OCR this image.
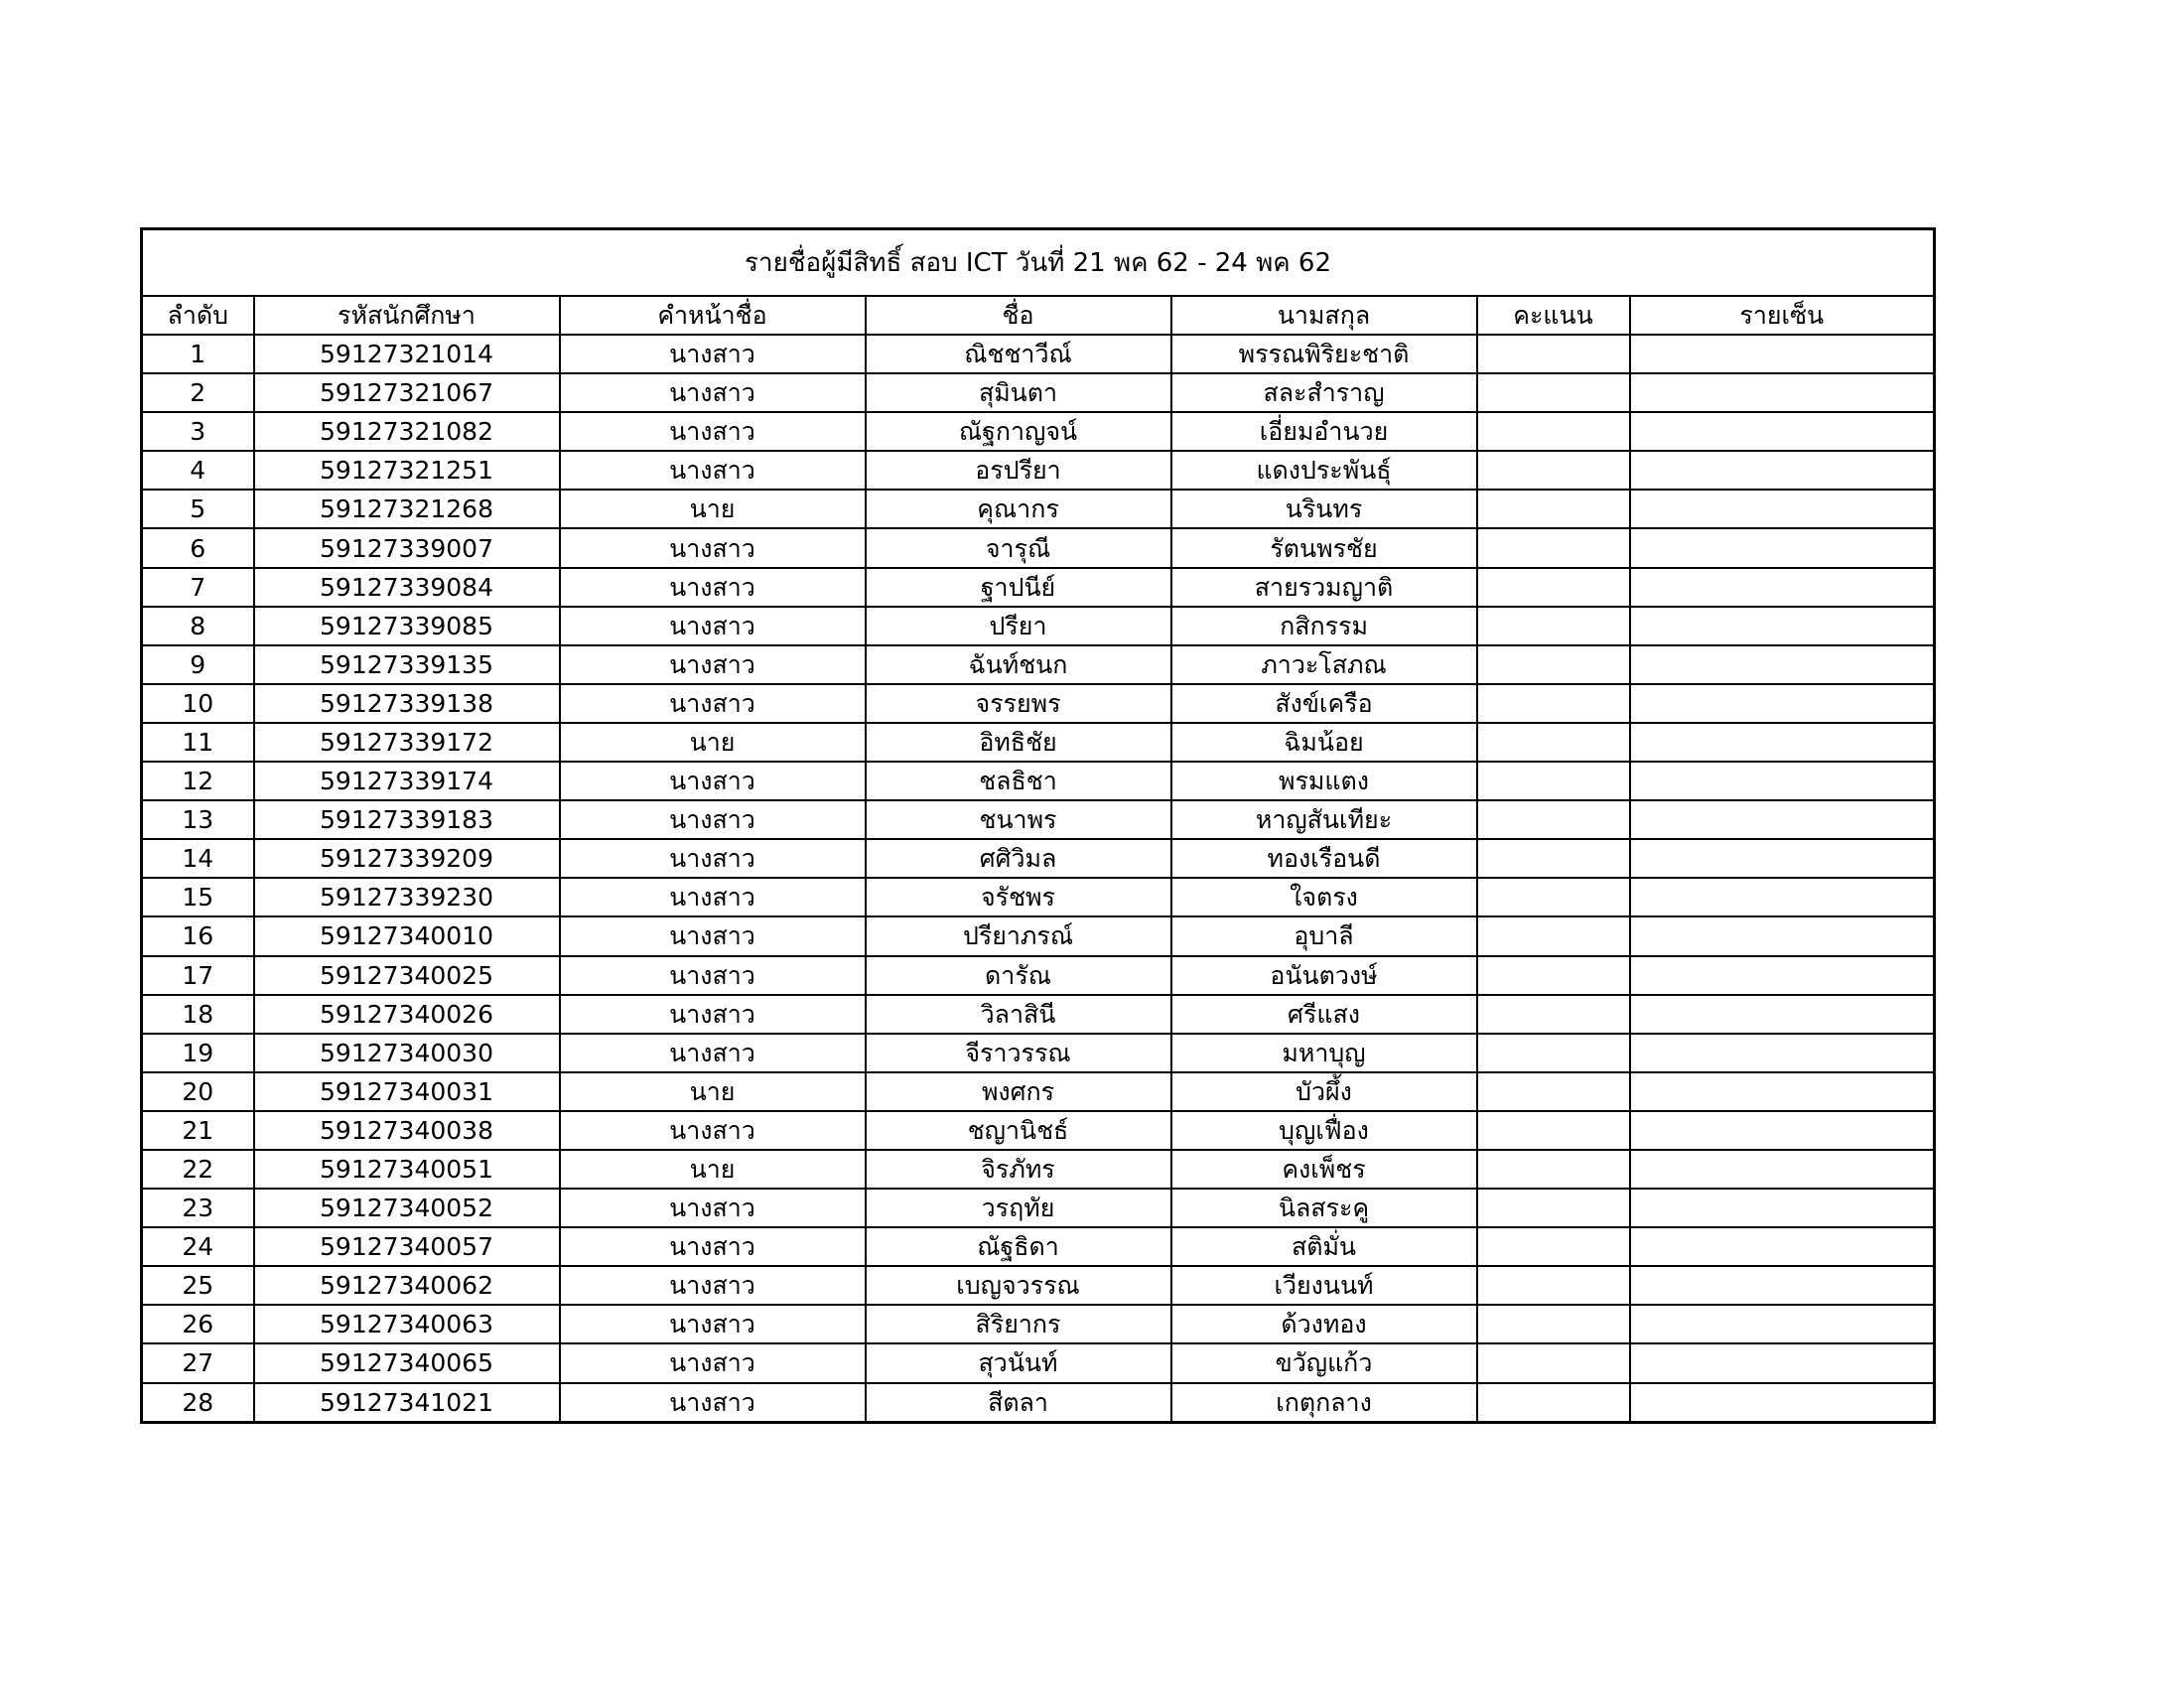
รายชื่อผู้มีสิทธิ์ สอบ ICT วันที่ 21 พค 62 - 24 พค 62						
ลำดับ	รหัสนักศึกษา	คำหน้าชื่อ	ชื่อ	นามสกุล	คะแนน	รายเซ็น
1	59127321014	นางสาว	ณิชชาวีณ์	พรรณพิริยะชาติ		
2	59127321067	นางสาว	สุมินตา	สละสำราญ		
3	59127321082	นางสาว	ณัฐกาญจน์	เอี่ยมอำนวย		
4	59127321251	นางสาว	อรปรียา	แดงประพันธุ์		
5	59127321268	นาย	คุณากร	นรินทร		
6	59127339007	นางสาว	จารุณี	รัตนพรชัย		
7	59127339084	นางสาว	ฐาปนีย์	สายรวมญาติ		
8	59127339085	นางสาว	ปรียา	กสิกรรม		
9	59127339135	นางสาว	ฉันท์ชนก	ภาวะโสภณ		
10	59127339138	นางสาว	จรรยพร	สังข์เครือ		
11	59127339172	นาย	อิทธิชัย	ฉิมน้อย		
12	59127339174	นางสาว	ชลธิชา	พรมแตง		
13	59127339183	นางสาว	ชนาพร	หาญสันเทียะ		
14	59127339209	นางสาว	ศศิวิมล	ทองเรือนดี		
15	59127339230	นางสาว	จรัชพร	ใจตรง		
16	59127340010	นางสาว	ปรียาภรณ์	อุบาลี		
17	59127340025	นางสาว	ดารัณ	อนันตวงษ์		
18	59127340026	นางสาว	วิลาสินี	ศรีแสง		
19	59127340030	นางสาว	จีราวรรณ	มหาบุญ		
20	59127340031	นาย	พงศกร	บัวผึ้ง		
21	59127340038	นางสาว	ชญานิชธ์	บุญเฟื่อง		
22	59127340051	นาย	จิรภัทร	คงเพ็ชร		
23	59127340052	นางสาว	วรฤทัย	นิลสระคู		
24	59127340057	นางสาว	ณัฐธิดา	สติมั่น		
25	59127340062	นางสาว	เบญจวรรณ	เวียงนนท์		
26	59127340063	นางสาว	สิริยากร	ด้วงทอง		
27	59127340065	นางสาว	สุวนันท์	ขวัญแก้ว		
28	59127341021	นางสาว	สีตลา	เกตุกลาง		
